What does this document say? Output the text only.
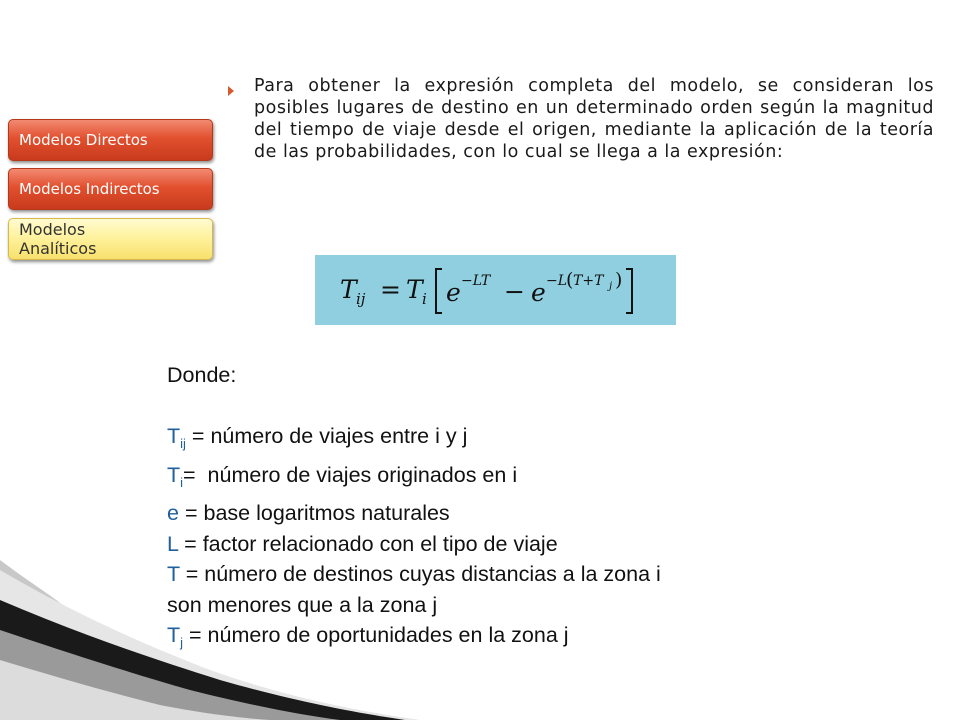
Modelos Directos
Modelos Indirectos
Modelos
Analíticos
Para obtener la expresión completa del modelo, se consideran los posibles lugares de destino en un determinado orden según la magnitud del tiempo de viaje desde el origen, mediante la aplicación de la teoría de las probabilidades, con lo cual se llega a la expresión:
T ij = T i e −LT − e −L
( T+T j )
Donde:
$T_{ij}$ = número de viajes entre i y j
$T_i=$  número de viajes originados en i
e = base logaritmos naturales
L = factor relacionado con el tipo de viaje
T = número de destinos cuyas distancias a la zona i
son menores que a la zona j
$T_j$ = número de oportunidades en la zona j
